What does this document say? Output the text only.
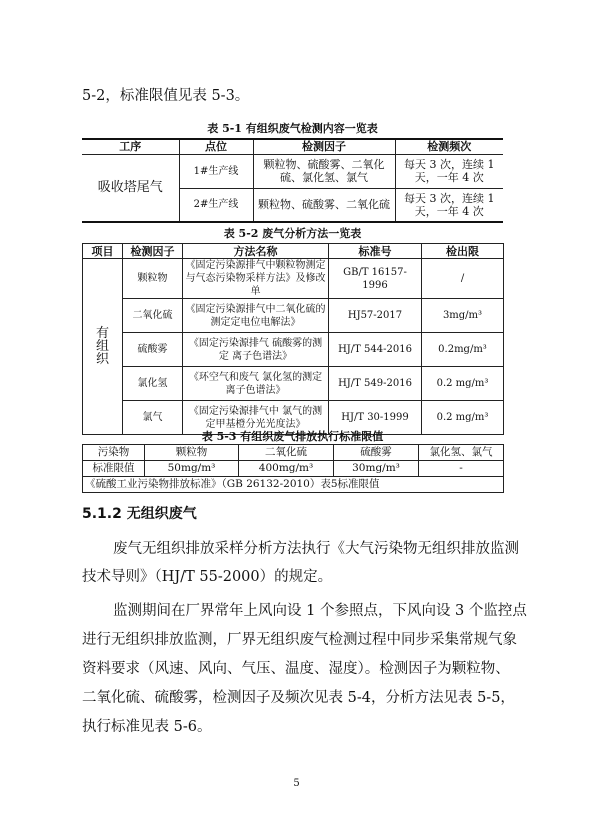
5-2，标准限值见表 5-3。
表 5-1 有组织废气检测内容一览表
工序	点位	检测因子	检测频次
吸收塔尾气	1#生产线	颗粒物、硫酸雾、二氧化硫、氯化氢、氯气	每天 3 次，连续 1 天，一年 4 次
	2#生产线	颗粒物、硫酸雾、二氧化硫	每天 3 次，连续 1 天，一年 4 次
表 5-2 废气分析方法一览表
项目	检测因子	方法名称	标准号	检出限
有组织	颗粒物	《固定污染源排气中颗粒物测定与气态污染物采样方法》及修改单	GB/T 16157-1996	/
	二氧化硫	《固定污染源排气中二氧化硫的测定定电位电解法》	HJ57-2017	3mg/m³
	硫酸雾	《固定污染源排气 硫酸雾的测定 离子色谱法》	HJ/T 544-2016	0.2mg/m³
	氯化氢	《环空气和废气 氯化氢的测定 离子色谱法》	HJ/T 549-2016	0.2 mg/m³
	氯气	《固定污染源排气中 氯气的测定甲基橙分光光度法》	HJ/T 30-1999	0.2 mg/m³
表 5-3 有组织废气排放执行标准限值
污染物	颗粒物	二氧化硫	硫酸雾	氯化氢、氯气
标准限值	50mg/m³	400mg/m³	30mg/m³	-
《硫酸工业污染物排放标准》（GB 26132-2010）表5标准限值				
5.1.2 无组织废气
废气无组织排放采样分析方法执行《大气污染物无组织排放监测
技术导则》（HJ/T 55-2000）的规定。
监测期间在厂界常年上风向设 1 个参照点，下风向设 3 个监控点
进行无组织排放监测，厂界无组织废气检测过程中同步采集常规气象
资料要求（风速、风向、气压、温度、湿度）。检测因子为颗粒物、
二氧化硫、硫酸雾，检测因子及频次见表 5-4，分析方法见表 5-5，
执行标准见表 5-6。
5
